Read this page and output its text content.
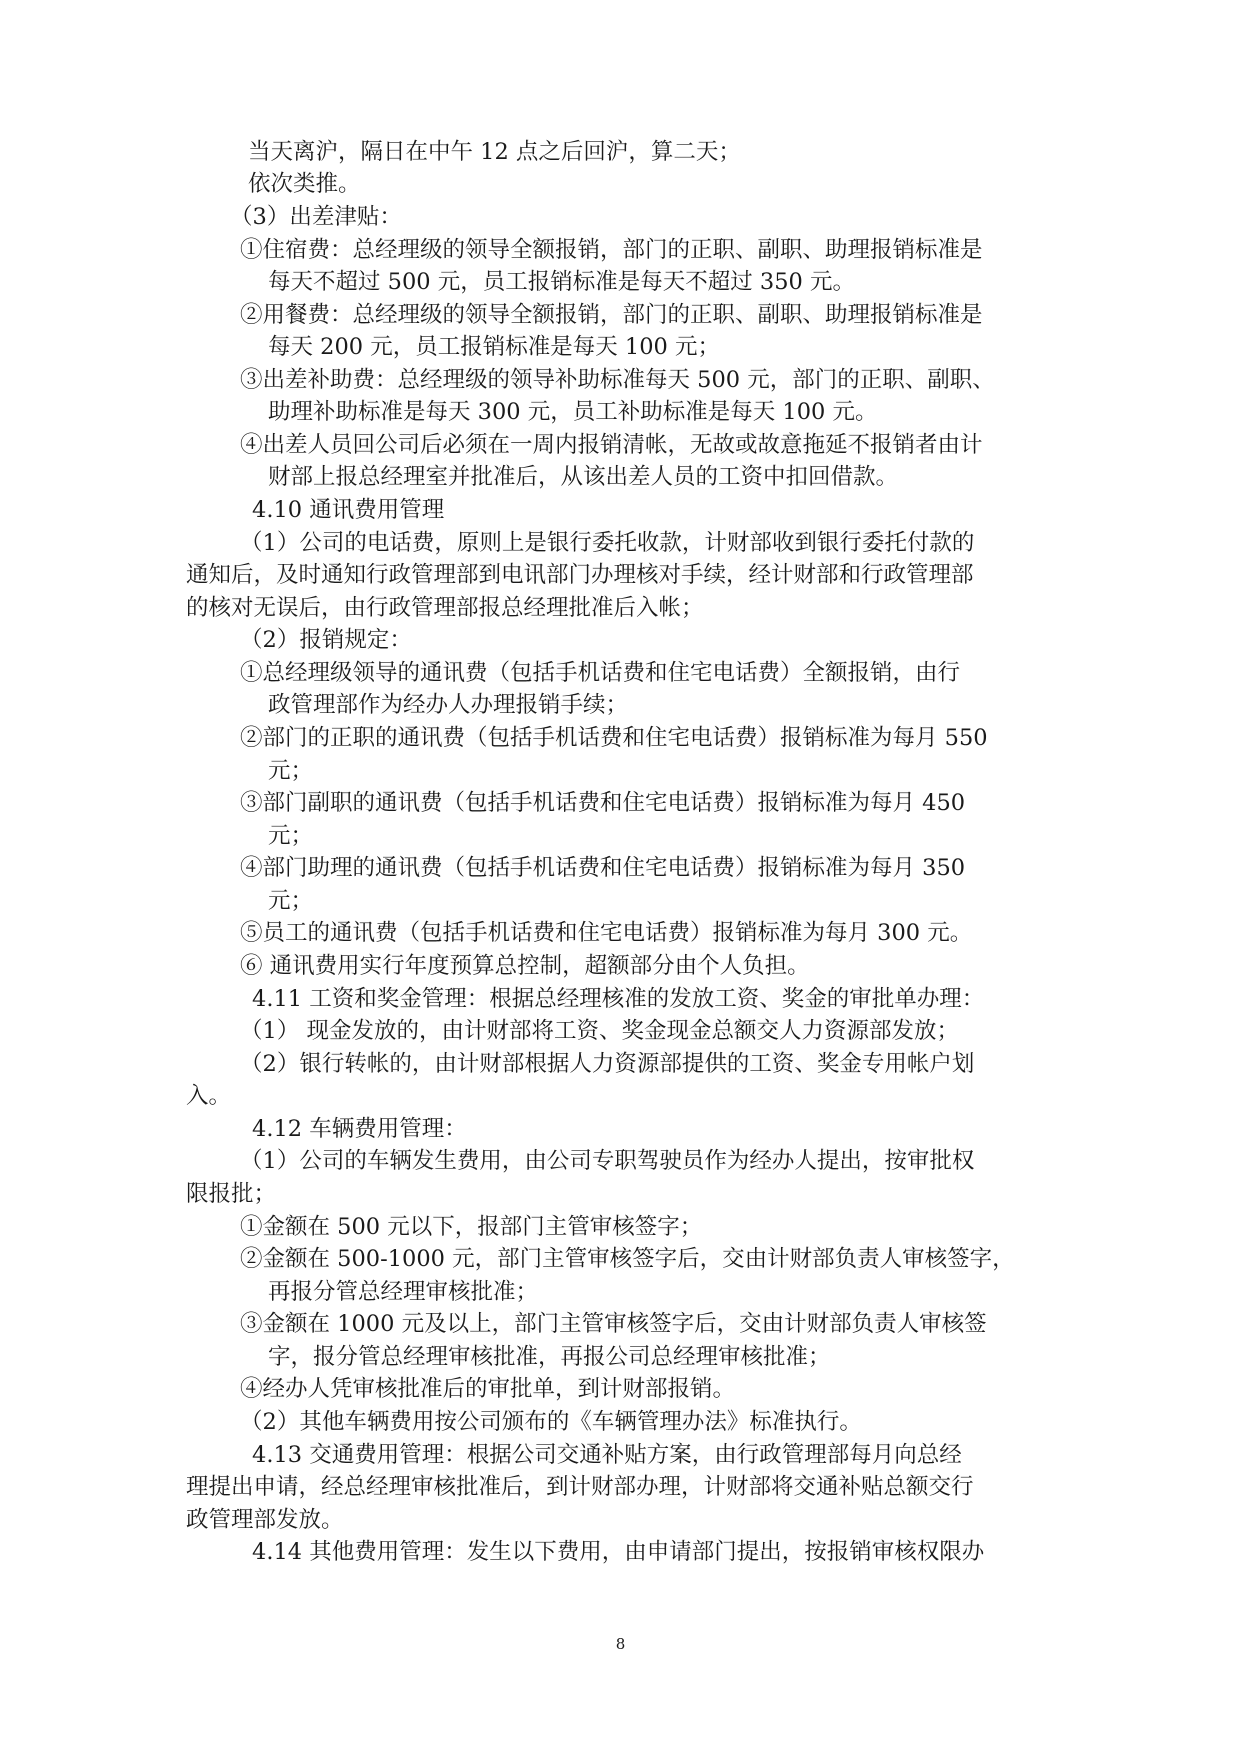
当天离沪，隔日在中午 12 点之后回沪，算二天；
依次类推。
（3）出差津贴：
①住宿费：总经理级的领导全额报销，部门的正职、副职、助理报销标准是
每天不超过 500 元，员工报销标准是每天不超过 350 元。
②用餐费：总经理级的领导全额报销，部门的正职、副职、助理报销标准是
每天 200 元，员工报销标准是每天 100 元；
③出差补助费：总经理级的领导补助标准每天 500 元，部门的正职、副职、
助理补助标准是每天 300 元，员工补助标准是每天 100 元。
④出差人员回公司后必须在一周内报销清帐，无故或故意拖延不报销者由计
财部上报总经理室并批准后，从该出差人员的工资中扣回借款。
4.10 通讯费用管理
（1）公司的电话费，原则上是银行委托收款，计财部收到银行委托付款的
通知后，及时通知行政管理部到电讯部门办理核对手续，经计财部和行政管理部
的核对无误后，由行政管理部报总经理批准后入帐；
（2）报销规定：
①总经理级领导的通讯费（包括手机话费和住宅电话费）全额报销，由行
政管理部作为经办人办理报销手续；
②部门的正职的通讯费（包括手机话费和住宅电话费）报销标准为每月 550
元；
③部门副职的通讯费（包括手机话费和住宅电话费）报销标准为每月 450
元；
④部门助理的通讯费（包括手机话费和住宅电话费）报销标准为每月 350
元；
⑤员工的通讯费（包括手机话费和住宅电话费）报销标准为每月 300 元。
⑥ 通讯费用实行年度预算总控制，超额部分由个人负担。
4.11 工资和奖金管理：根据总经理核准的发放工资、奖金的审批单办理：
（1） 现金发放的，由计财部将工资、奖金现金总额交人力资源部发放；
（2）银行转帐的，由计财部根据人力资源部提供的工资、奖金专用帐户划
入。
4.12 车辆费用管理：
（1）公司的车辆发生费用，由公司专职驾驶员作为经办人提出，按审批权
限报批；
①金额在 500 元以下，报部门主管审核签字；
②金额在 500-1000 元，部门主管审核签字后，交由计财部负责人审核签字，
再报分管总经理审核批准；
③金额在 1000 元及以上，部门主管审核签字后，交由计财部负责人审核签
字，报分管总经理审核批准，再报公司总经理审核批准；
④经办人凭审核批准后的审批单，到计财部报销。
（2）其他车辆费用按公司颁布的《车辆管理办法》标准执行。
4.13 交通费用管理：根据公司交通补贴方案，由行政管理部每月向总经
理提出申请，经总经理审核批准后，到计财部办理，计财部将交通补贴总额交行
政管理部发放。
4.14 其他费用管理：发生以下费用，由申请部门提出，按报销审核权限办
8
